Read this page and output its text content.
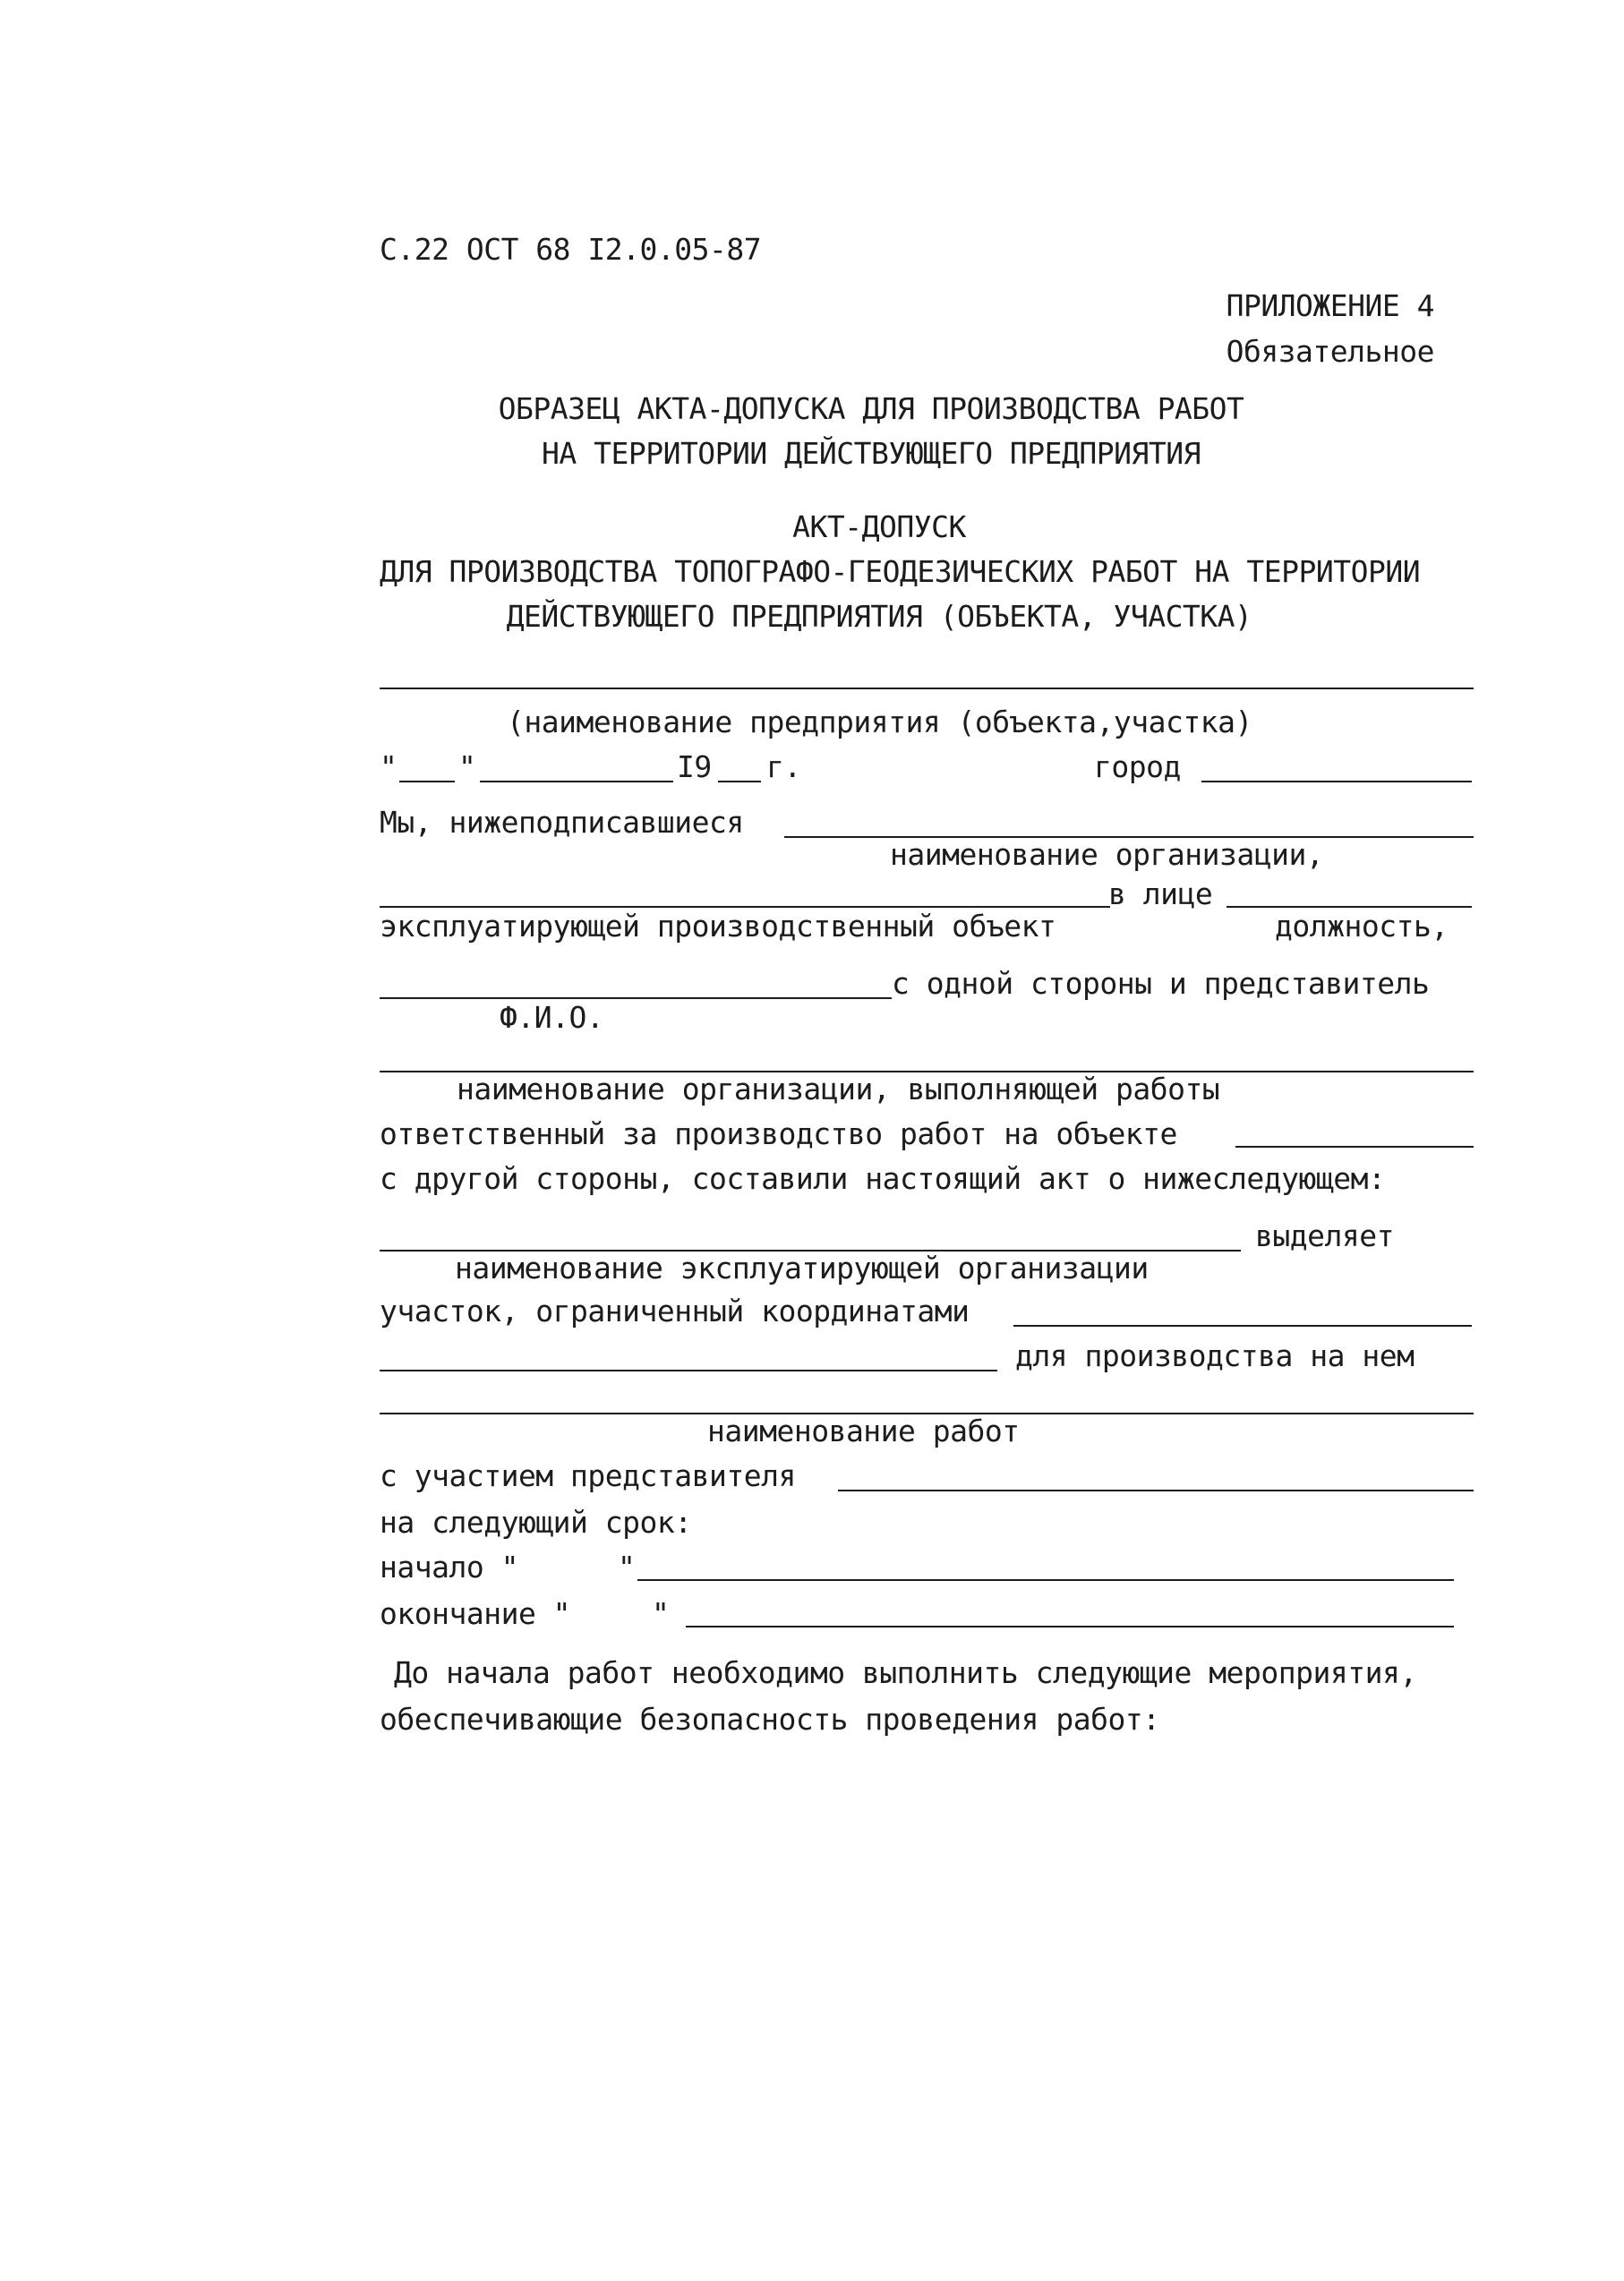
С.22 ОСТ 68 I2.0.05-87
ПРИЛОЖЕНИЕ 4
Обязательное
ОБРАЗЕЦ АКТА-ДОПУСКА ДЛЯ ПРОИЗВОДСТВА РАБОТ
НА ТЕРРИТОРИИ ДЕЙСТВУЮЩЕГО ПРЕДПРИЯТИЯ
АКТ-ДОПУСК
ДЛЯ ПРОИЗВОДСТВА ТОПОГРАФО-ГЕОДЕЗИЧЕСКИХ РАБОТ НА ТЕРРИТОРИИ
ДЕЙСТВУЮЩЕГО ПРЕДПРИЯТИЯ (ОБЪЕКТА, УЧАСТКА)
(наименование предприятия (объекта,участка)
" "	I9 г.	город
Мы, нижеподписавшиеся
наименование организации,
в лице
эксплуатирующей производственный объект	должность,
с одной стороны и представитель
Ф.И.О.
наименование организации, выполняющей работы
ответственный за производство работ на объекте
с другой стороны, составили настоящий акт о нижеследующем:
выделяет
наименование эксплуатирующей организации
участок, ограниченный координатами
для производства на нем
наименование работ
с участием представителя
на следующий срок:
начало "	"
окончание "	"
До начала работ необходимо выполнить следующие мероприятия,
обеспечивающие безопасность проведения работ:
